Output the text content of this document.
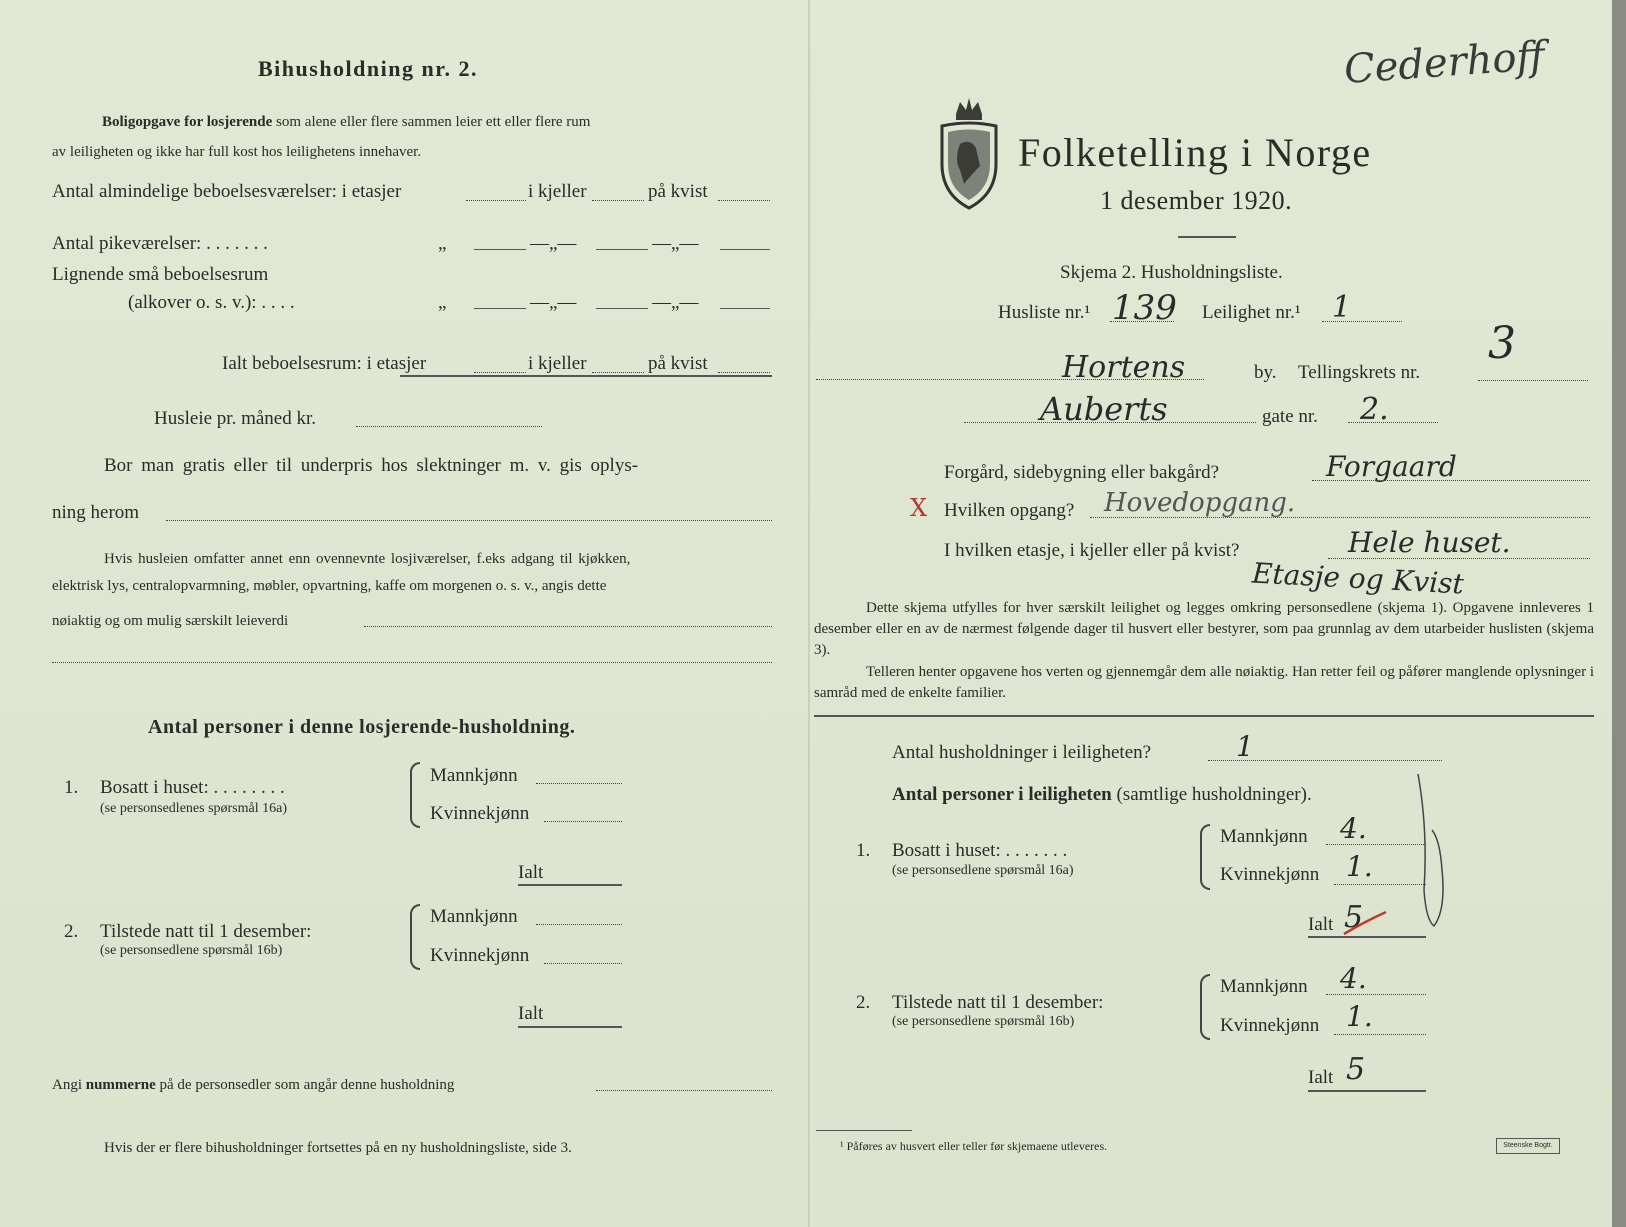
Bihusholdning nr. 2.
Boligopgave for losjerende som alene eller flere sammen leier ett eller flere rum
av leiligheten og ikke har full kost hos leilighetens innehaver.
Antal almindelige beboelsesværelser: i etasjer	i kjeller	på kvist
Antal pikeværelser: . . . . . . .	„	—„—	—„—
Lignende små beboelsesrum
(alkover o. s. v.): . . . .	„	—„—	—„—
Ialt beboelsesrum: i etasjer	i kjeller	på kvist
Husleie pr. måned kr.
Bor man gratis eller til underpris hos slektninger m. v. gis oplys-
ning herom
Hvis husleien omfatter annet enn ovennevnte losjiværelser, f.eks adgang til kjøkken,
elektrisk lys, centralopvarmning, møbler, opvartning, kaffe om morgenen o. s. v., angis dette
nøiaktig og om mulig særskilt leieverdi
Antal personer i denne losjerende-husholdning.
1. Bosatt i huset: . . . . . . . .
(se personsedlenes spørsmål 16a)
Mannkjønn
Kvinnekjønn
Ialt
2. Tilstede natt til 1 desember:
(se personsedlene spørsmål 16b)
Mannkjønn
Kvinnekjønn
Ialt
Angi nummerne på de personsedler som angår denne husholdning
Hvis der er flere bihusholdninger fortsettes på en ny husholdningsliste, side 3.
Folketelling i Norge
1 desember 1920.
Skjema 2. Husholdningsliste.
Husliste nr.¹ 139 Leilighet nr.¹ 1
Cederhoff
Hortens	by. Tellingskrets nr.
3
Auberts	gate nr. 2.
Forgård, sidebygning eller bakgård?	Forgaard
X Hvilken opgang? Hovedopgang.
I hvilken etasje, i kjeller eller på kvist?	Hele huset.
Etasje og Kvist
Dette skjema utfylles for hver særskilt leilighet og legges omkring personsedlene (skjema 1). Opgavene innleveres 1 desember eller en av de nærmest følgende dager til husvert eller bestyrer, som paa grunnlag av dem utarbeider huslisten (skjema 3).
Telleren henter opgavene hos verten og gjennemgår dem alle nøiaktig. Han retter feil og påfører manglende oplysninger i samråd med de enkelte familier.
Antal husholdninger i leiligheten?	1
Antal personer i leiligheten (samtlige husholdninger).
1. Bosatt i huset: . . . . . . .
(se personsedlene spørsmål 16a)
Mannkjønn 4.
Kvinnekjønn 1.
Ialt 5
2. Tilstede natt til 1 desember:
(se personsedlene spørsmål 16b)
Mannkjønn 4.
Kvinnekjønn 1.
Ialt 5
¹ Påføres av husvert eller teller før skjemaene utleveres.	Steenske Bogtr.
